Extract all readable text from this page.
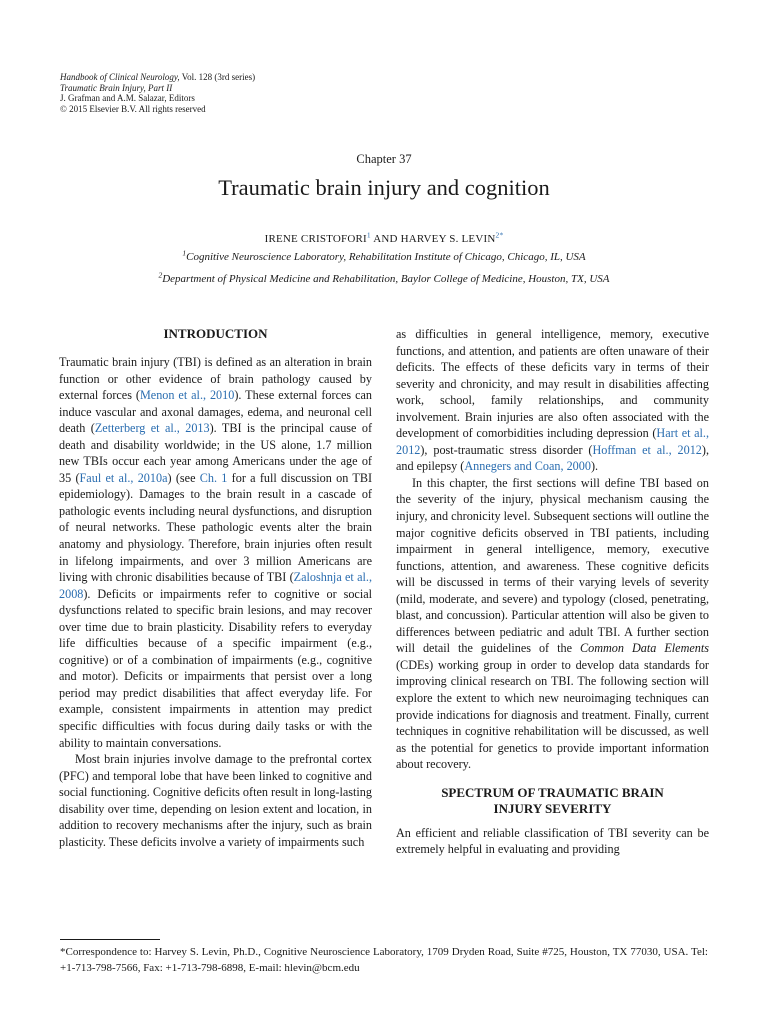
Handbook of Clinical Neurology, Vol. 128 (3rd series)
Traumatic Brain Injury, Part II
J. Grafman and A.M. Salazar, Editors
© 2015 Elsevier B.V. All rights reserved
Chapter 37
Traumatic brain injury and cognition
IRENE CRISTOFORI$^1$ AND HARVEY S. $LEVIN^{2*}$
$^1$Cognitive Neuroscience Laboratory, Rehabilitation Institute of Chicago, Chicago, IL, USA
$^2$Department of Physical Medicine and Rehabilitation, Baylor College of Medicine, Houston, TX, USA
INTRODUCTION

Traumatic brain injury (TBI) is defined as an alteration in brain function or other evidence of brain pathology caused by external forces (Menon et al., 2010). These external forces can induce vascular and axonal damages, edema, and neuronal cell death (Zetterberg et al., 2013). TBI is the principal cause of death and disability worldwide; in the US alone, 1.7 million new TBIs occur each year among Americans under the age of 35 (Faul et al., 2010a) (see Ch. 1 for a full discussion on TBI epidemiology). Damages to the brain result in a cascade of pathologic events including neural dysfunctions, and disruption of neural networks. These pathologic events alter the brain anatomy and physiology. Therefore, brain injuries often result in lifelong impairments, and over 3 million Americans are living with chronic disabilities because of TBI (Zaloshnja et al., 2008). Deficits or impairments refer to cognitive or social dysfunctions related to specific brain lesions, and may recover over time due to brain plasticity. Disability refers to everyday life difficulties because of a specific impairment (e.g., cognitive) or of a combination of impairments (e.g., cognitive and motor). Deficits or impairments that persist over a long period may predict disabilities that affect everyday life. For example, consistent impairments in attention may predict specific difficulties with focus during daily tasks or with the ability to maintain conversations.

Most brain injuries involve damage to the prefrontal cortex (PFC) and temporal lobe that have been linked to cognitive and social functioning. Cognitive deficits often result in long-lasting disability over time, depending on lesion extent and location, in addition to recovery mechanisms after the injury, such as brain plasticity. These deficits involve a variety of impairments such

as difficulties in general intelligence, memory, executive functions, and attention, and patients are often unaware of their deficits. The effects of these deficits vary in terms of their severity and chronicity, and may result in disabilities affecting work, school, family relationships, and community involvement. Brain injuries are also often associated with the development of comorbidities including depression (Hart et al., 2012), post-traumatic stress disorder (Hoffman et al., 2012), and epilepsy (Annegers and Coan, 2000).

In this chapter, the first sections will define TBI based on the severity of the injury, physical mechanism causing the injury, and chronicity level. Subsequent sections will outline the major cognitive deficits observed in TBI patients, including impairment in general intelligence, memory, executive functions, attention, and awareness. These cognitive deficits will be discussed in terms of their varying levels of severity (mild, moderate, and severe) and typology (closed, penetrating, blast, and concussion). Particular attention will also be given to differences between pediatric and adult TBI. A further section will detail the guidelines of the Common Data Elements (CDEs) working group in order to develop data standards for improving clinical research on TBI. The following section will explore the extent to which new neuroimaging techniques can provide indications for diagnosis and treatment. Finally, current techniques in cognitive rehabilitation will be discussed, as well as the potential for genetics to provide important information about recovery.

SPECTRUM OF TRAUMATIC BRAIN
INJURY SEVERITY

An efficient and reliable classification of TBI severity can be extremely helpful in evaluating and providing

*Correspondence to: Harvey S. Levin, Ph.D., Cognitive Neuroscience Laboratory, 1709 Dryden Road, Suite #725, Houston, TX 77030, USA. Tel: +1-713-798-7566, Fax: +1-713-798-6898, E-mail: hlevin@bcm.edu
